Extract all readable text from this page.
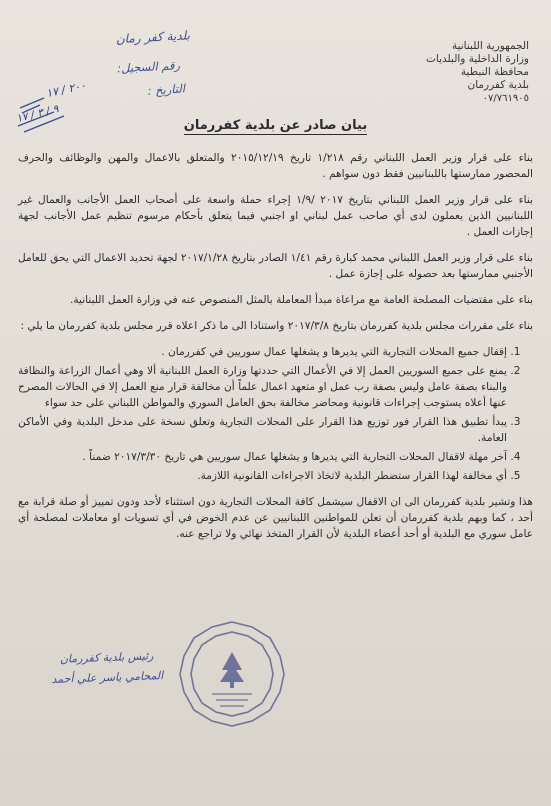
الجمهورية اللبنانية
وزارة الداخلية والبلديات
محافظة النبطية
بلدية كفررمان
٠٧/٧٦١٩٠٥
بلدية كفر رمان
رقم السجيل:
التاريخ :
٢٠٠ / ١٧
٩ / ٣ / ١٧
بيان صادر عن بلدية كفررمان

بناء على قرار وزير العمل اللبناني رقم ١/٢١٨ تاريخ ٢٠١٥/١٢/١٩ والمتعلق بالاعمال والمهن والوظائف والحرف المحصور ممارستها باللبنانيين فقط دون سواهم .

بناء على قرار وزير العمل اللبناني بتاريخ ٢٠١٧ /١/٩ إجراء حملة واسعة على أصحاب العمل الأجانب والعمال غير اللبنانيين الذين يعملون لدى أي صاحب عمل لبناني او اجنبي فيما يتعلق بأحكام مرسوم تنظيم عمل الأجانب لجهة إجازات العمل .

بناء على قرار وزير العمل اللبناني محمد كبارة رقم ١/٤١ الصادر بتاريخ ٢٠١٧/١/٢٨ لجهة تحديد الاعمال التي يحق للعامل الأجنبي ممارستها بعد حصوله على إجازة عمل .

بناء على مقتضيات المصلحة العامة مع مراعاة مبدأ المعاملة بالمثل المنصوص عنه في وزارة العمل اللبنانية.

بناء على مقررات مجلس بلدية كفررمان بتاريخ ٢٠١٧/٣/٨ واستنادا الى ما ذكر اعلاه قرر مجلس بلدية كفررمان ما يلي :

1. إقفال جميع المحلات التجارية التي يديرها و يشغلها عمال سوريين في كفررمان .
2. يمنع على جميع السوريين العمل إلا في الأعمال التي حددتها وزارة العمل اللبنانية ألا وهي أعمال الزراعة والنظافة والبناء بصفة عامل وليس بصفة رب عمل او متعهد اعمال علماً أن مخالفة قرار منع العمل إلا في الحالات المصرح عنها أعلاه يستوجب إجراءات قانونية ومحاضر مخالفة بحق العامل السوري والمواطن اللبناني على حد سواء
3. يبدأ تطبيق هذا القرار فور توزيع هذا القرار على المحلات التجارية وتعلق نسخة على مدخل البلدية وفي الأماكن العامة.
4. آخر مهلة لاقفال المحلات التجارية التي يديرها و يشغلها عمال سوريين هي تاريخ ٢٠١٧/٣/٣٠ ضمناً .
5. أي مخالفة لهذا القرار ستضطر البلدية لاتخاذ الاجراءات القانونية اللازمة.

هذا وتشير بلدية كفررمان الى ان الاقفال سيشمل كافة المحلات التجارية دون استثناء لأحد ودون تمييز أو صلة قرابة مع أحد ، كما وبهم بلدية كفررمان أن تعلن للمواطنين اللبنانيين عن عدم الخوض في أي تسويات او معاملات لمصلحة أي عامل سوري مع البلدية أو أحد أعضاء البلدية لأن القرار المتخذ نهائي ولا تراجع عنه.

رئيس بلدية كفررمان
المحامي ياسر علي أحمد
